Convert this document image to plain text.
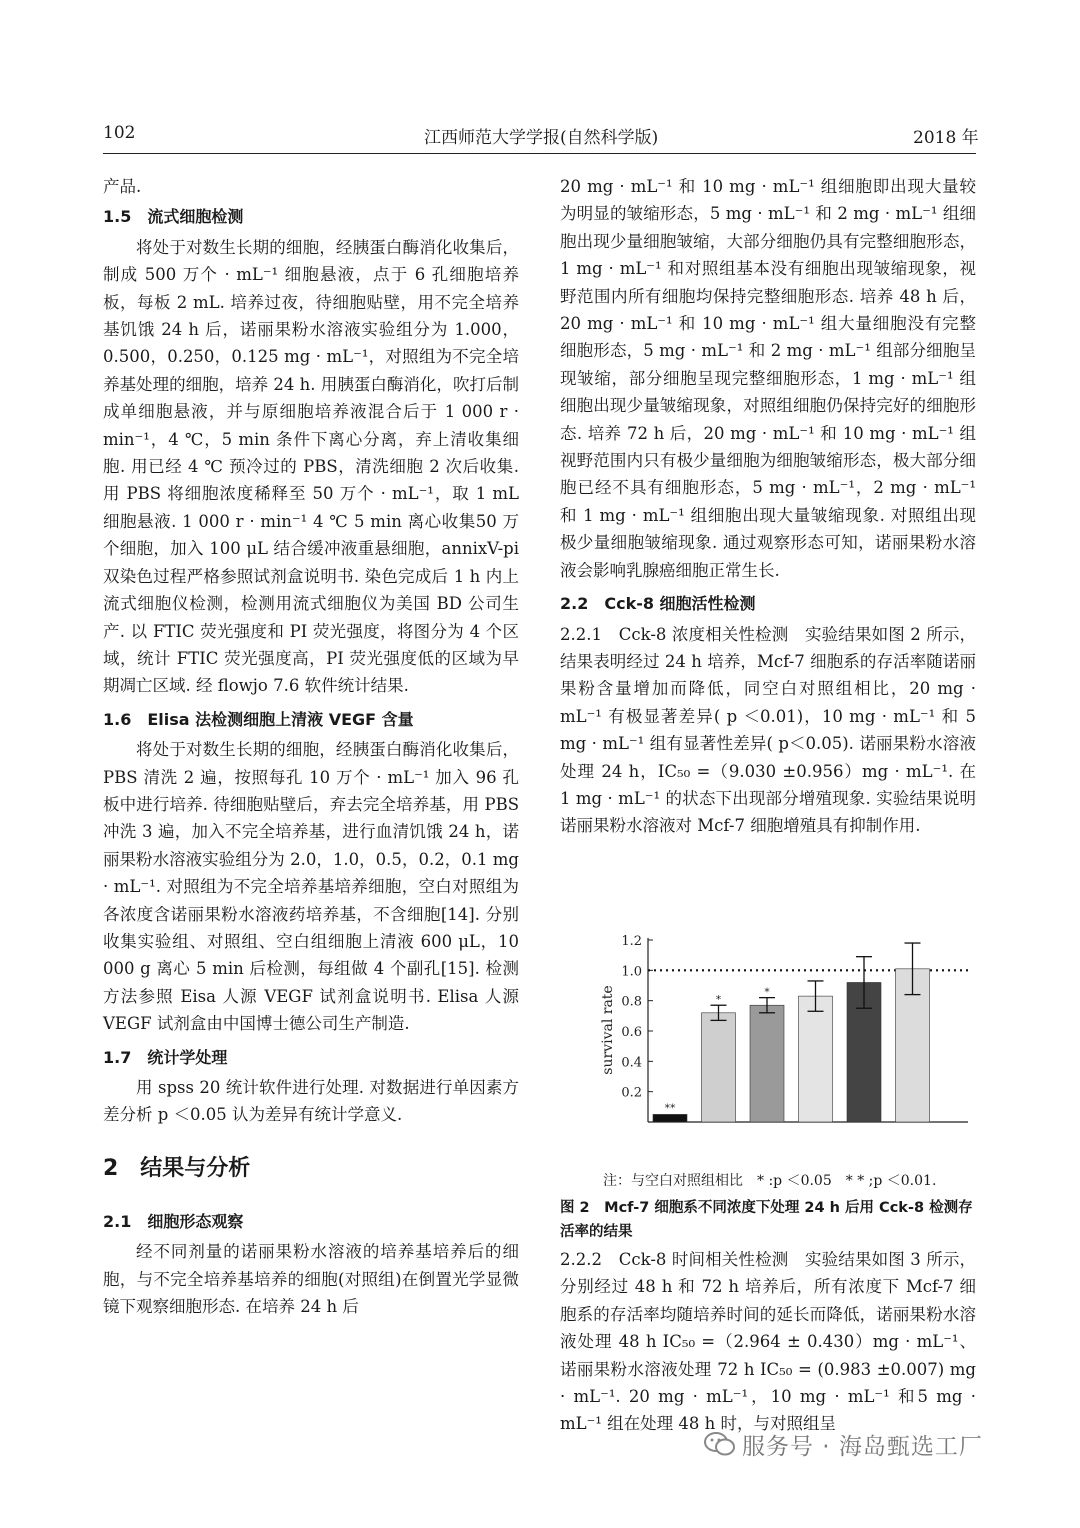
102	江西师范大学学报(自然科学版)	2018 年

产品.

1.5　流式细胞检测

将处于对数生长期的细胞，经胰蛋白酶消化收集后，制成 500 万个 · mL⁻¹ 细胞悬液，点于 6 孔细胞培养板，每板 2 mL. 培养过夜，待细胞贴壁，用不完全培养基饥饿 24 h 后，诺丽果粉水溶液实验组分为 1.000，0.500，0.250，0.125 mg · mL⁻¹，对照组为不完全培养基处理的细胞，培养 24 h. 用胰蛋白酶消化，吹打后制成单细胞悬液，并与原细胞培养液混合后于 1 000 r · min⁻¹，4 ℃，5 min 条件下离心分离，弃上清收集细胞. 用已经 4 ℃ 预冷过的 PBS，清洗细胞 2 次后收集. 用 PBS 将细胞浓度稀释至 50 万个 · mL⁻¹，取 1 mL 细胞悬液. 1 000 r · min⁻¹ 4 ℃ 5 min 离心收集50 万个细胞，加入 100 μL 结合缓冲液重悬细胞，annixV-pi 双染色过程严格参照试剂盒说明书. 染色完成后 1 h 内上流式细胞仪检测，检测用流式细胞仪为美国 BD 公司生产. 以 FTIC 荧光强度和 PI 荧光强度，将图分为 4 个区域，统计 FTIC 荧光强度高，PI 荧光强度低的区域为早期凋亡区域. 经 flowjo 7.6 软件统计结果.

1.6　Elisa 法检测细胞上清液 VEGF 含量

将处于对数生长期的细胞，经胰蛋白酶消化收集后，PBS 清洗 2 遍，按照每孔 10 万个 · mL⁻¹ 加入 96 孔板中进行培养. 待细胞贴壁后，弃去完全培养基，用 PBS 冲洗 3 遍，加入不完全培养基，进行血清饥饿 24 h，诺丽果粉水溶液实验组分为 2.0，1.0，0.5，0.2，0.1 mg · mL⁻¹. 对照组为不完全培养基培养细胞，空白对照组为各浓度含诺丽果粉水溶液药培养基，不含细胞[14]. 分别收集实验组、对照组、空白组细胞上清液 600 μL，10 000 g 离心 5 min 后检测，每组做 4 个副孔[15]. 检测方法参照 Eisa 人源 VEGF 试剂盒说明书. Elisa 人源 VEGF 试剂盒由中国博士德公司生产制造.

1.7　统计学处理

用 spss 20 统计软件进行处理. 对数据进行单因素方差分析 p ＜0.05 认为差异有统计学意义.

2　结果与分析

2.1　细胞形态观察

经不同剂量的诺丽果粉水溶液的培养基培养后的细胞，与不完全培养基培养的细胞(对照组)在倒置光学显微镜下观察细胞形态. 在培养 24 h 后

20 mg · mL⁻¹ 和 10 mg · mL⁻¹ 组细胞即出现大量较为明显的皱缩形态，5 mg · mL⁻¹ 和 2 mg · mL⁻¹ 组细胞出现少量细胞皱缩，大部分细胞仍具有完整细胞形态，1 mg · mL⁻¹ 和对照组基本没有细胞出现皱缩现象，视野范围内所有细胞均保持完整细胞形态. 培养 48 h 后，20 mg · mL⁻¹ 和 10 mg · mL⁻¹ 组大量细胞没有完整细胞形态，5 mg · mL⁻¹ 和 2 mg · mL⁻¹ 组部分细胞呈现皱缩，部分细胞呈现完整细胞形态，1 mg · mL⁻¹ 组细胞出现少量皱缩现象，对照组细胞仍保持完好的细胞形态. 培养 72 h 后，20 mg · mL⁻¹ 和 10 mg · mL⁻¹ 组视野范围内只有极少量细胞为细胞皱缩形态，极大部分细胞已经不具有细胞形态，5 mg · mL⁻¹，2 mg · mL⁻¹ 和 1 mg · mL⁻¹ 组细胞出现大量皱缩现象. 对照组出现极少量细胞皱缩现象. 通过观察形态可知，诺丽果粉水溶液会影响乳腺癌细胞正常生长.

2.2　Cck-8 细胞活性检测

2.2.1　Cck-8 浓度相关性检测　实验结果如图 2 所示，结果表明经过 24 h 培养，Mcf-7 细胞系的存活率随诺丽果粉含量增加而降低，同空白对照组相比，20 mg · mL⁻¹ 有极显著差异( p ＜0.01)，10 mg · mL⁻¹ 和 5 mg · mL⁻¹ 组有显著性差异( p＜0.05). 诺丽果粉水溶液处理 24 h，IC₅₀ =（9.030 ±0.956）mg · mL⁻¹. 在 1 mg · mL⁻¹ 的状态下出现部分增殖现象. 实验结果说明诺丽果粉水溶液对 Mcf-7 细胞增殖具有抑制作用.

0.2
0.4
0.6
0.8
1.0
1.2
survival rate
**
*
*
注：与空白对照组相比　* :p ＜0.05　* * ;p ＜0.01.
图 2　Mcf-7 细胞系不同浓度下处理 24 h 后用 Cck-8 检测存活率的结果

2.2.2　Cck-8 时间相关性检测　实验结果如图 3 所示，分别经过 48 h 和 72 h 培养后，所有浓度下 Mcf-7 细胞系的存活率均随培养时间的延长而降低，诺丽果粉水溶液处理 48 h IC₅₀ =（2.964 ± 0.430）mg · mL⁻¹、诺丽果粉水溶液处理 72 h IC₅₀ = (0.983 ±0.007) mg · mL⁻¹. 20 mg · mL⁻¹，10 mg · mL⁻¹ 和5 mg · mL⁻¹ 组在处理 48 h 时，与对照组呈

服务号 · 海岛甄选工厂
